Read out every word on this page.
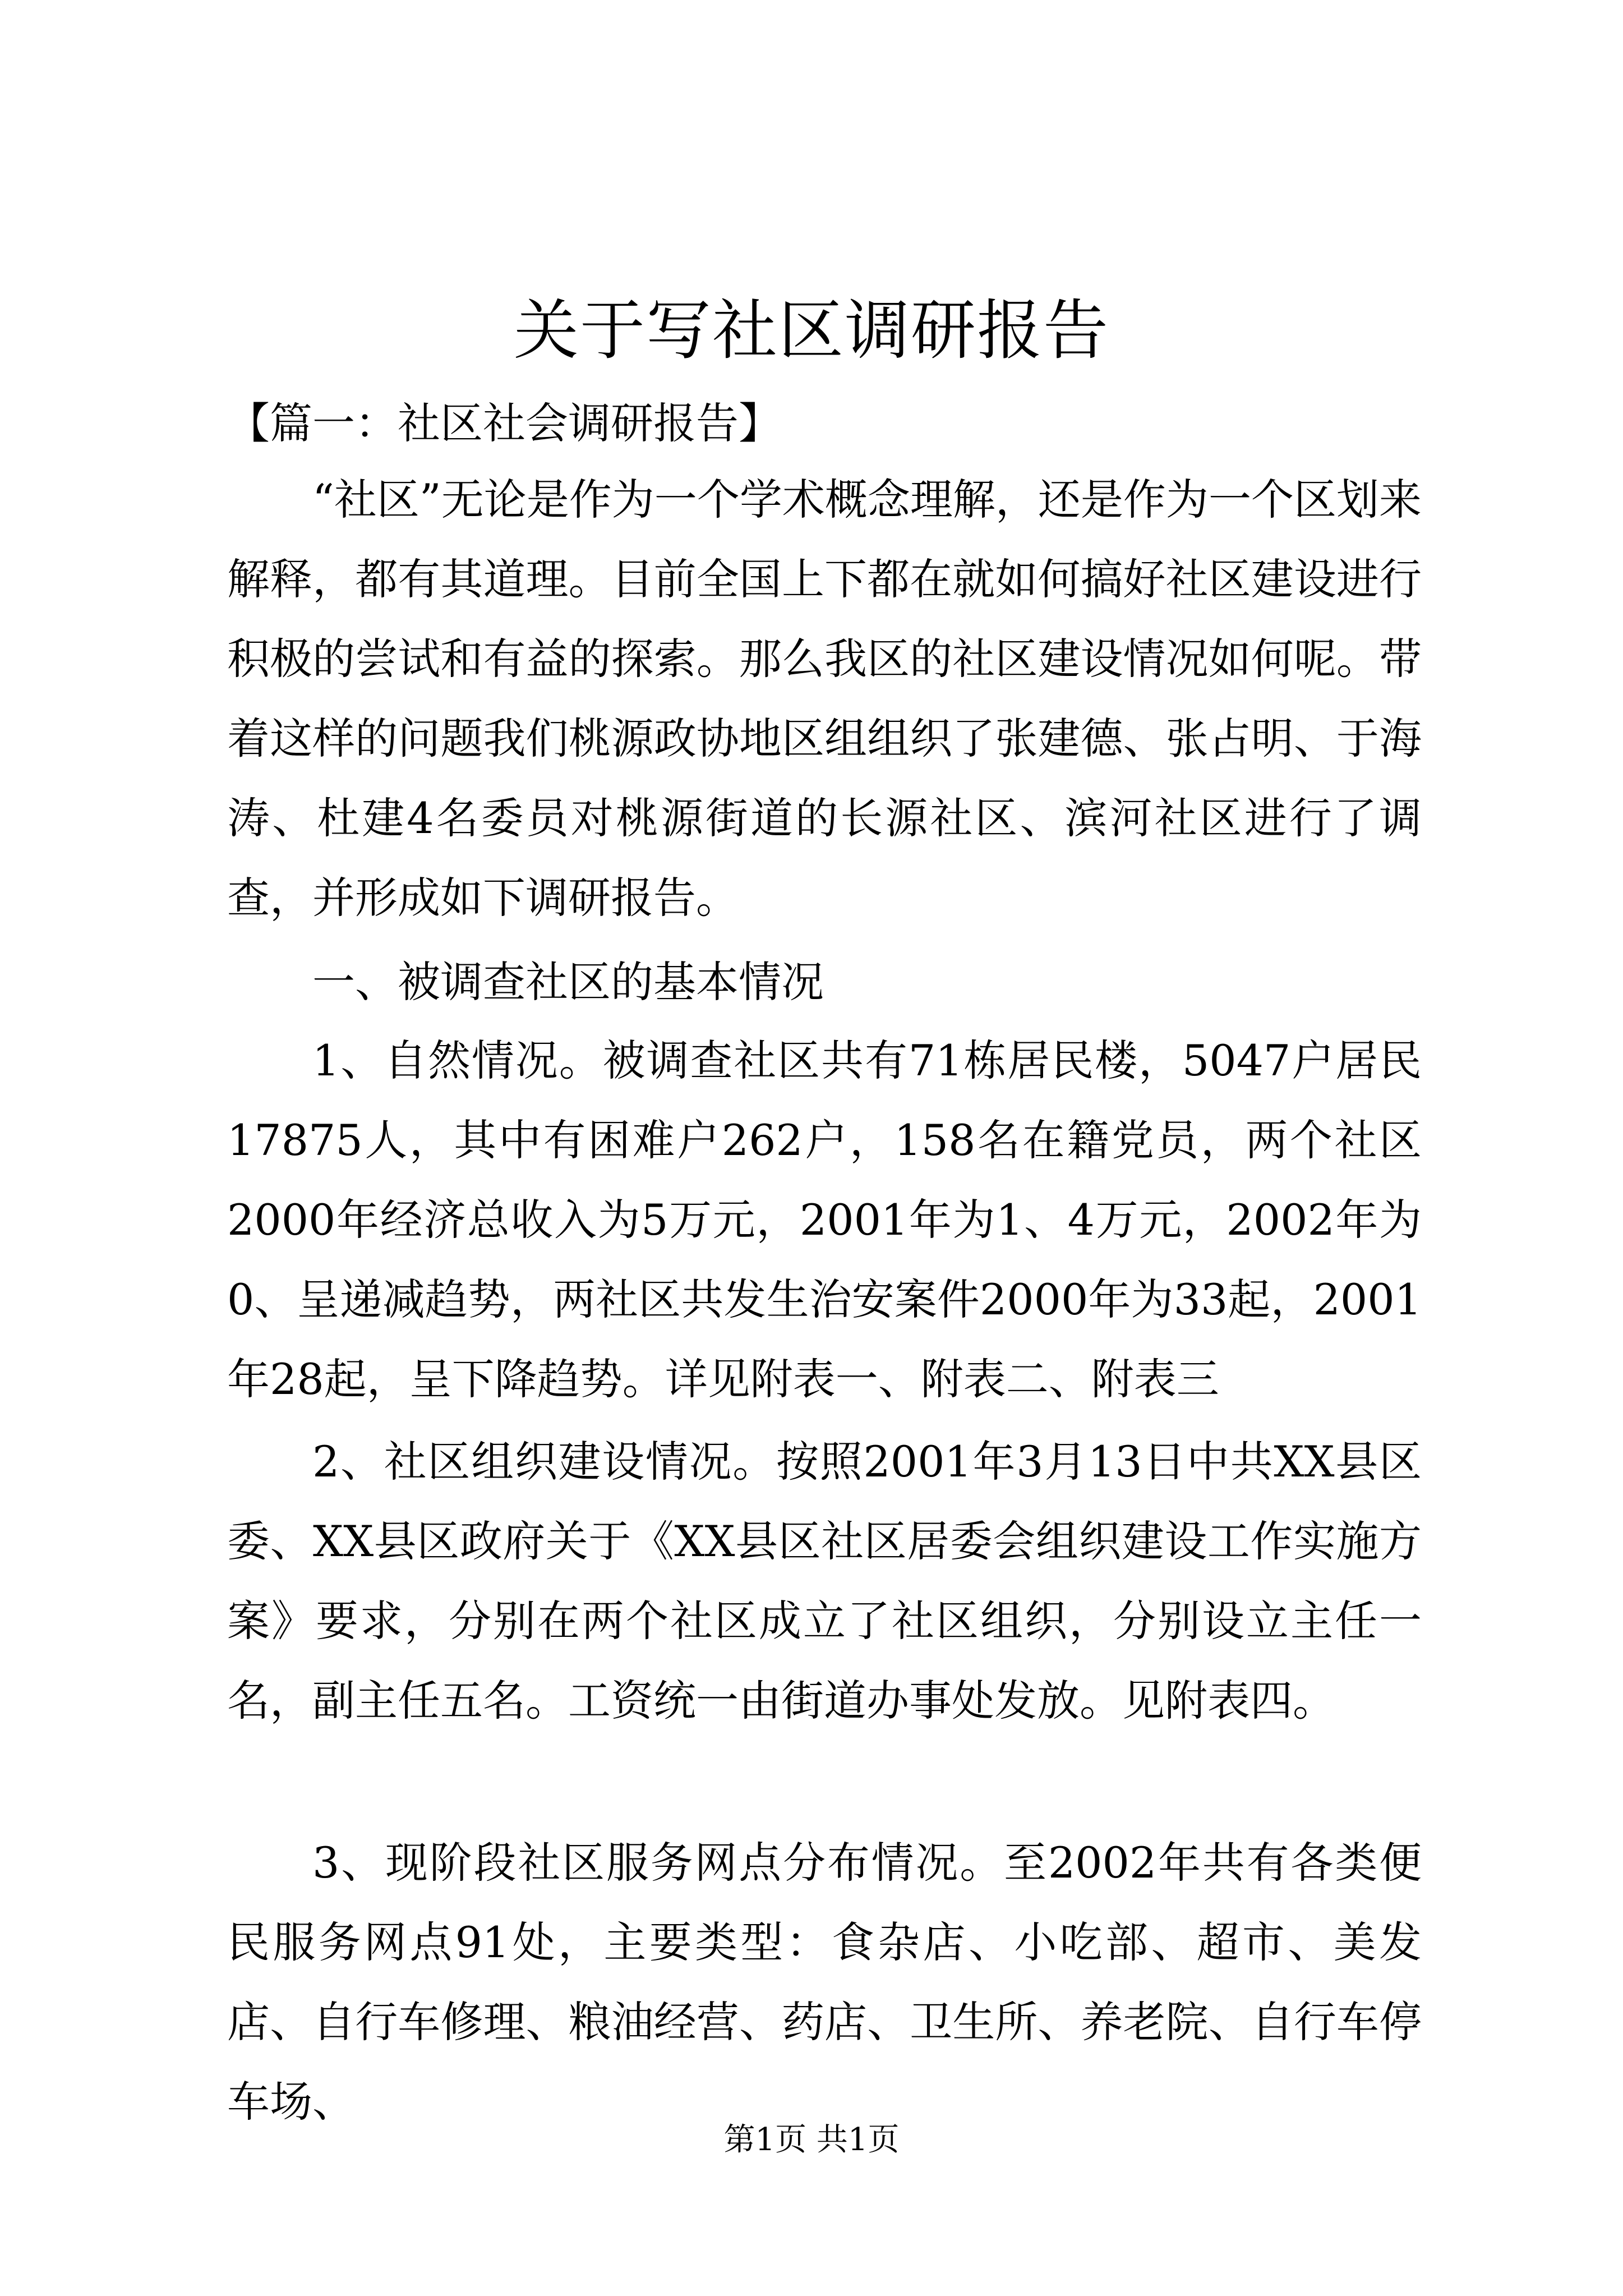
关于写社区调研报告

【篇一：社区社会调研报告】

“社区”无论是作为一个学术概念理解，还是作为一个区划来解释，都有其道理。目前全国上下都在就如何搞好社区建设进行积极的尝试和有益的探索。那么我区的社区建设情况如何呢。带着这样的问题我们桃源政协地区组组织了张建德、张占明、于海涛、杜建4名委员对桃源街道的长源社区、滨河社区进行了调查，并形成如下调研报告。

一、被调查社区的基本情况

1、自然情况。被调查社区共有71栋居民楼，5047户居民17875人，其中有困难户262户，158名在籍党员，两个社区2000年经济总收入为5万元，2001年为1、4万元，2002年为0、呈递减趋势，两社区共发生治安案件2000年为33起，2001年28起，呈下降趋势。详见附表一、附表二、附表三

2、社区组织建设情况。按照2001年3月13日中共XX县区委、XX县区政府关于《XX县区社区居委会组织建设工作实施方案》要求，分别在两个社区成立了社区组织，分别设立主任一名，副主任五名。工资统一由街道办事处发放。见附表四。

3、现阶段社区服务网点分布情况。至2002年共有各类便民服务网点91处，主要类型：食杂店、小吃部、超市、美发店、自行车修理、粮油经营、药店、卫生所、养老院、自行车停车场、

第1页 共1页
